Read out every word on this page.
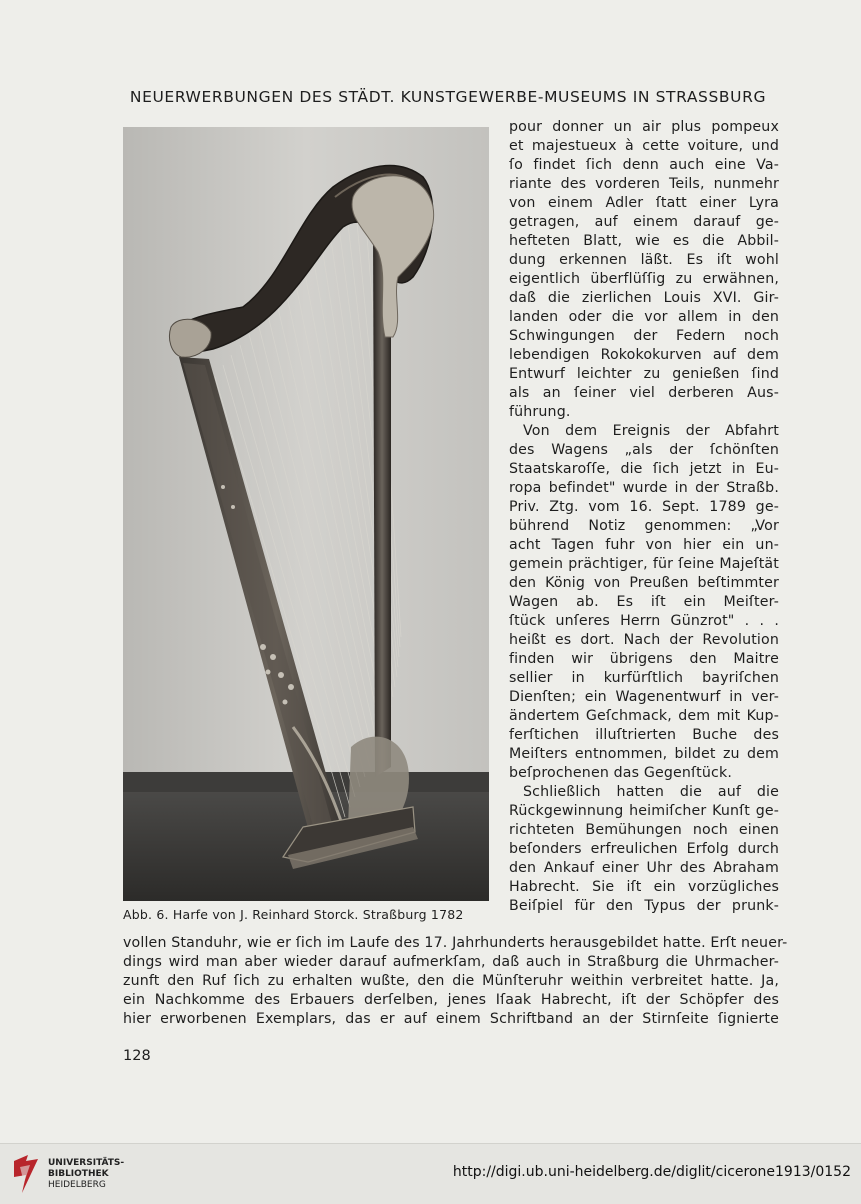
NEUERWERBUNGEN DES STÄDT. KUNSTGEWERBE-MUSEUMS IN STRASSBURG
Abb. 6. Harfe von J. Reinhard Storck. Straßburg 1782
pour donner un air plus pompeux
et majestueux à cette voiture, und
ſo findet ſich denn auch eine Va-
riante des vorderen Teils, nunmehr
von einem Adler ſtatt einer Lyra
getragen, auf einem darauf ge-
hefteten Blatt, wie es die Abbil-
dung erkennen läßt. Es iſt wohl
eigentlich überflüſſig zu erwähnen,
daß die zierlichen Louis XVI. Gir-
landen oder die vor allem in den
Schwingungen der Federn noch
lebendigen Rokokokurven auf dem
Entwurf leichter zu genießen ſind
als an ſeiner viel derberen Aus-
führung.
Von dem Ereignis der Abfahrt
des Wagens „als der ſchönſten
Staatskaroſſe, die ſich jetzt in Eu-
ropa befindet" wurde in der Straßb.
Priv. Ztg. vom 16. Sept. 1789 ge-
bührend Notiz genommen: „Vor
acht Tagen fuhr von hier ein un-
gemein prächtiger, für ſeine Majeſtät
den König von Preußen beſtimmter
Wagen ab. Es iſt ein Meiſter-
ſtück unſeres Herrn Günzrot" . . .
heißt es dort. Nach der Revolution
finden wir übrigens den Maitre
sellier in kurfürſtlich bayriſchen
Dienſten; ein Wagenentwurf in ver-
ändertem Geſchmack, dem mit Kup-
ferſtichen illuſtrierten Buche des
Meiſters entnommen, bildet zu dem
beſprochenen das Gegenſtück.
Schließlich hatten die auf die
Rückgewinnung heimiſcher Kunſt ge-
richteten Bemühungen noch einen
beſonders erfreulichen Erfolg durch
den Ankauf einer Uhr des Abraham
Habrecht. Sie iſt ein vorzügliches
Beiſpiel für den Typus der prunk-
vollen Standuhr, wie er ſich im Laufe des 17. Jahrhunderts herausgebildet hatte. Erſt neuer-
dings wird man aber wieder darauf aufmerkſam, daß auch in Straßburg die Uhrmacher-
zunft den Ruf ſich zu erhalten wußte, den die Münſteruhr weithin verbreitet hatte. Ja,
ein Nachkomme des Erbauers derſelben, jenes Iſaak Habrecht, iſt der Schöpfer des
hier erworbenen Exemplars, das er auf einem Schriftband an der Stirnſeite ſignierte
128
UNIVERSITÄTS-
BIBLIOTHEK
HEIDELBERG
http://digi.ub.uni-heidelberg.de/diglit/cicerone1913/0152
